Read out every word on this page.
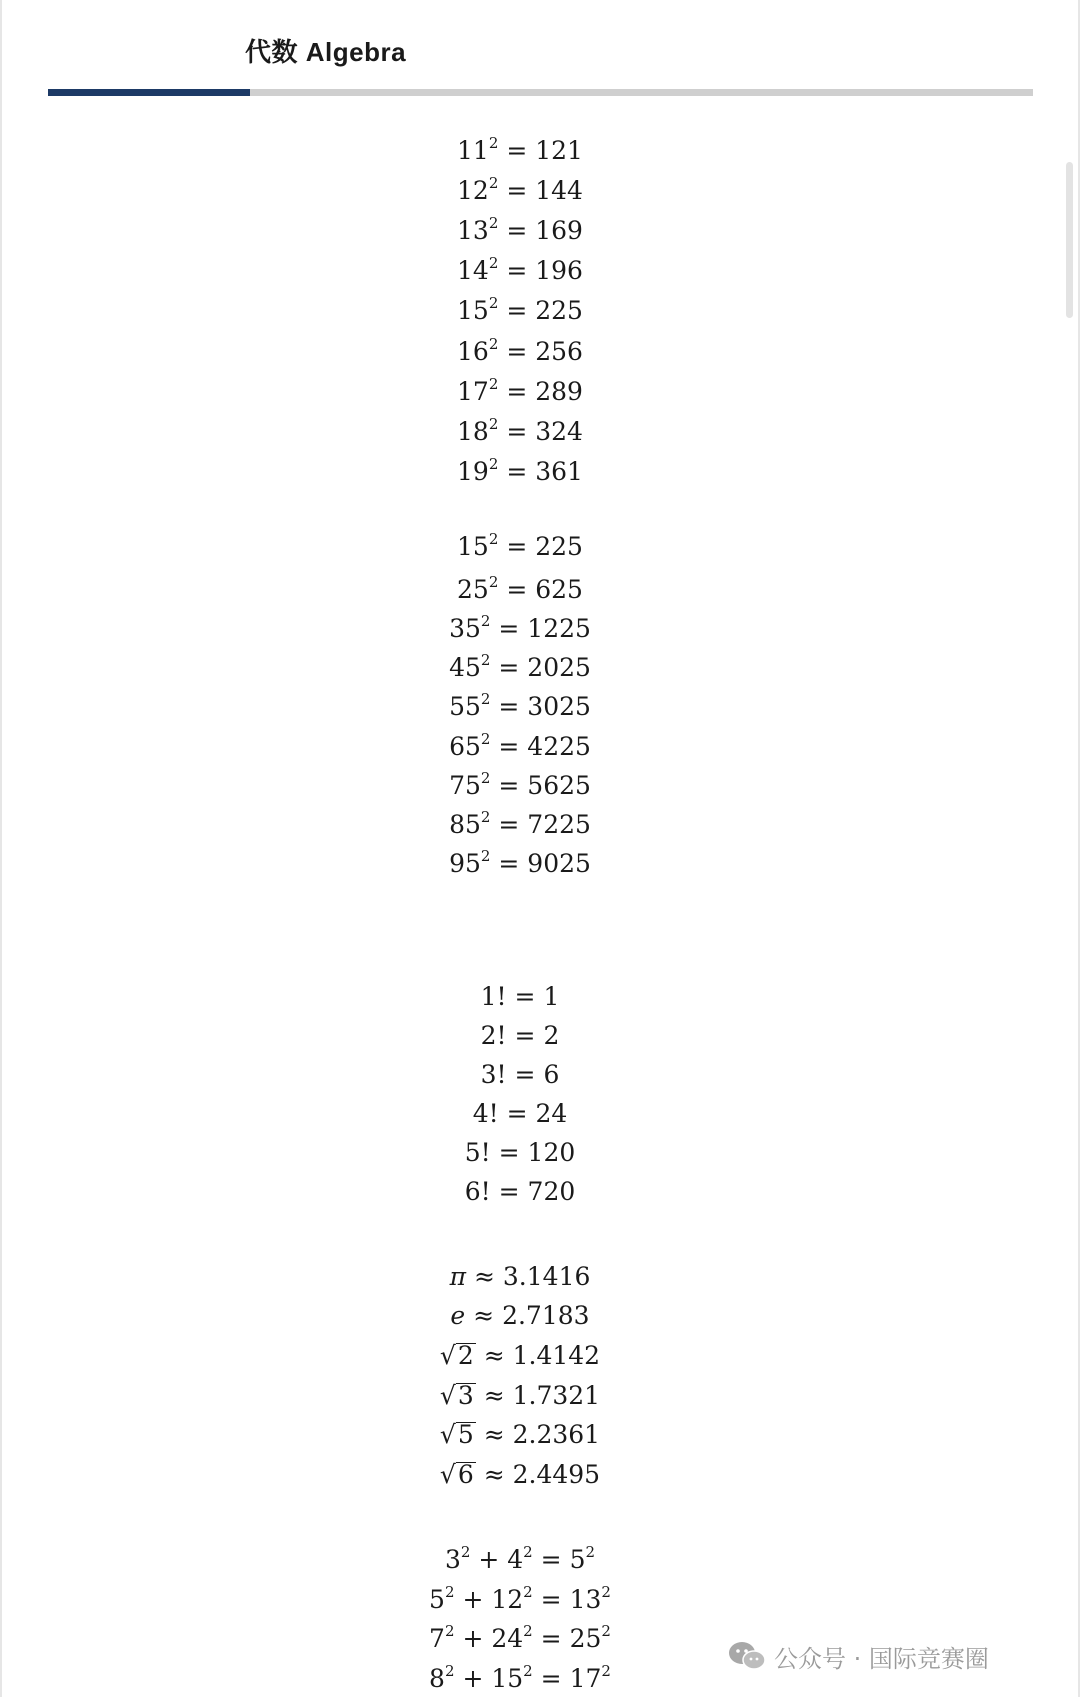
代数 Algebra
$11^2 = 121$
$12^2 = 144$
$13^2 = 169$
$14^2 = 196$
$15^2 = 225$
$16^2 = 256$
$17^2 = 289$
$18^2 = 324$
$19^2 = 361$
$15^2 = 225$
$25^2 = 625$
$35^2 = 1225$
$45^2 = 2025$
$55^2 = 3025$
$65^2 = 4225$
$75^2 = 5625$
$85^2 = 7225$
$95^2 = 9025$
1! = 1
2! = 2
3! = 6
4! = 24
5! = 120
6! = 720
π ≈ 3.1416
e ≈ 2.7183
√2 ≈ 1.4142
√3 ≈ 1.7321
√5 ≈ 2.2361
√6 ≈ 2.4495
$3^2 + 4^2 = 5^2$
$5^2 + 12^2 = 13^2$
$7^2 + 24^2 = 25^2$
$8^2 + 15^2 = 17^2$	公众号 · 国际竞赛圈
